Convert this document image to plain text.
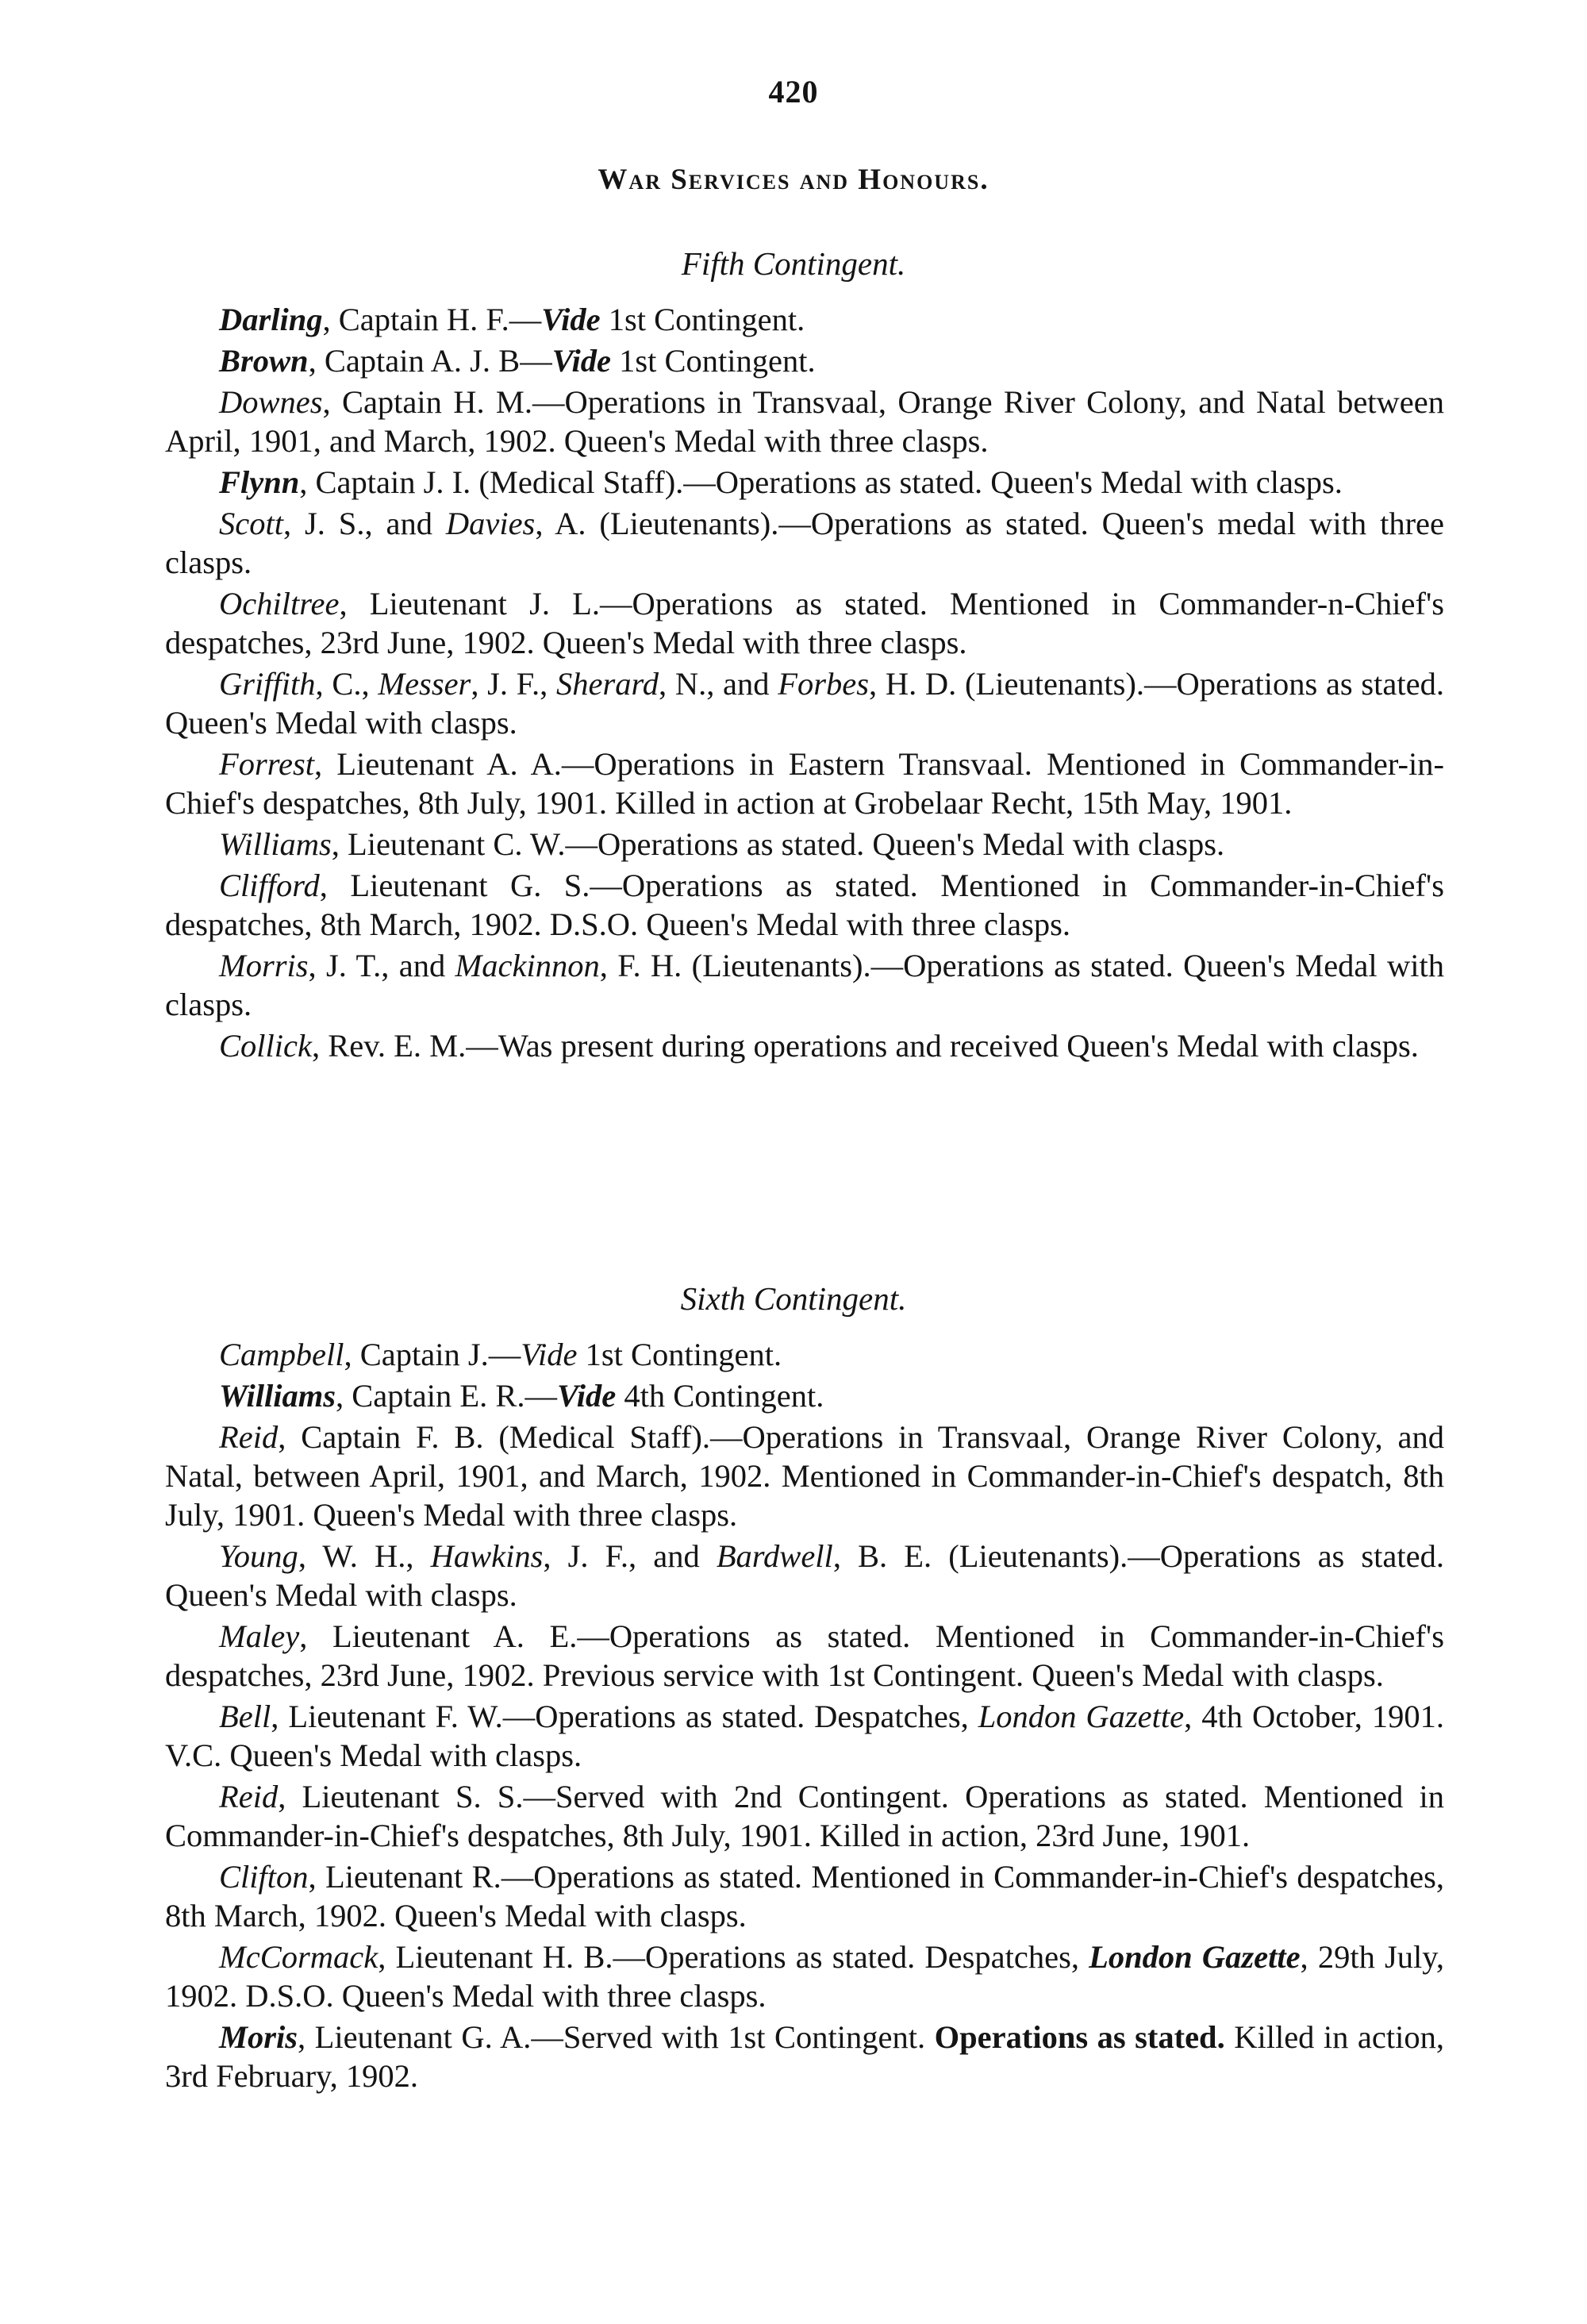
420
War Services and Honours.
Fifth Contingent.

Darling, Captain H. F.—Vide 1st Contingent.

Brown, Captain A. J. B—Vide 1st Contingent.

Downes, Captain H. M.—Operations in Transvaal, Orange River Colony, and Natal between April, 1901, and March, 1902. Queen's Medal with three clasps.

Flynn, Captain J. I. (Medical Staff).—Operations as stated. Queen's Medal with clasps.

Scott, J. S., and Davies, A. (Lieutenants).—Operations as stated. Queen's medal with three clasps.

Ochiltree, Lieutenant J. L.—Operations as stated. Mentioned in Commander-n-Chief's despatches, 23rd June, 1902. Queen's Medal with three clasps.

Griffith, C., Messer, J. F., Sherard, N., and Forbes, H. D. (Lieutenants).—Operations as stated. Queen's Medal with clasps.

Forrest, Lieutenant A. A.—Operations in Eastern Transvaal. Mentioned in Commander-in-Chief's despatches, 8th July, 1901. Killed in action at Grobelaar Recht, 15th May, 1901.

Williams, Lieutenant C. W.—Operations as stated. Queen's Medal with clasps.

Clifford, Lieutenant G. S.—Operations as stated. Mentioned in Commander-in-Chief's despatches, 8th March, 1902. D.S.O. Queen's Medal with three clasps.

Morris, J. T., and Mackinnon, F. H. (Lieutenants).—Operations as stated. Queen's Medal with clasps.

Collick, Rev. E. M.—Was present during operations and received Queen's Medal with clasps.

Sixth Contingent.

Campbell, Captain J.—Vide 1st Contingent.

Williams, Captain E. R.—Vide 4th Contingent.

Reid, Captain F. B. (Medical Staff).—Operations in Transvaal, Orange River Colony, and Natal, between April, 1901, and March, 1902. Mentioned in Commander-in-Chief's despatch, 8th July, 1901. Queen's Medal with three clasps.

Young, W. H., Hawkins, J. F., and Bardwell, B. E. (Lieutenants).—Operations as stated. Queen's Medal with clasps.

Maley, Lieutenant A. E.—Operations as stated. Mentioned in Commander-in-Chief's despatches, 23rd June, 1902. Previous service with 1st Contingent. Queen's Medal with clasps.

Bell, Lieutenant F. W.—Operations as stated. Despatches, London Gazette, 4th October, 1901. V.C. Queen's Medal with clasps.

Reid, Lieutenant S. S.—Served with 2nd Contingent. Operations as stated. Mentioned in Commander-in-Chief's despatches, 8th July, 1901. Killed in action, 23rd June, 1901.

Clifton, Lieutenant R.—Operations as stated. Mentioned in Commander-in-Chief's despatches, 8th March, 1902. Queen's Medal with clasps.

McCormack, Lieutenant H. B.—Operations as stated. Despatches, London Gazette, 29th July, 1902. D.S.O. Queen's Medal with three clasps.

Moris, Lieutenant G. A.—Served with 1st Contingent. Operations as stated. Killed in action, 3rd February, 1902.
